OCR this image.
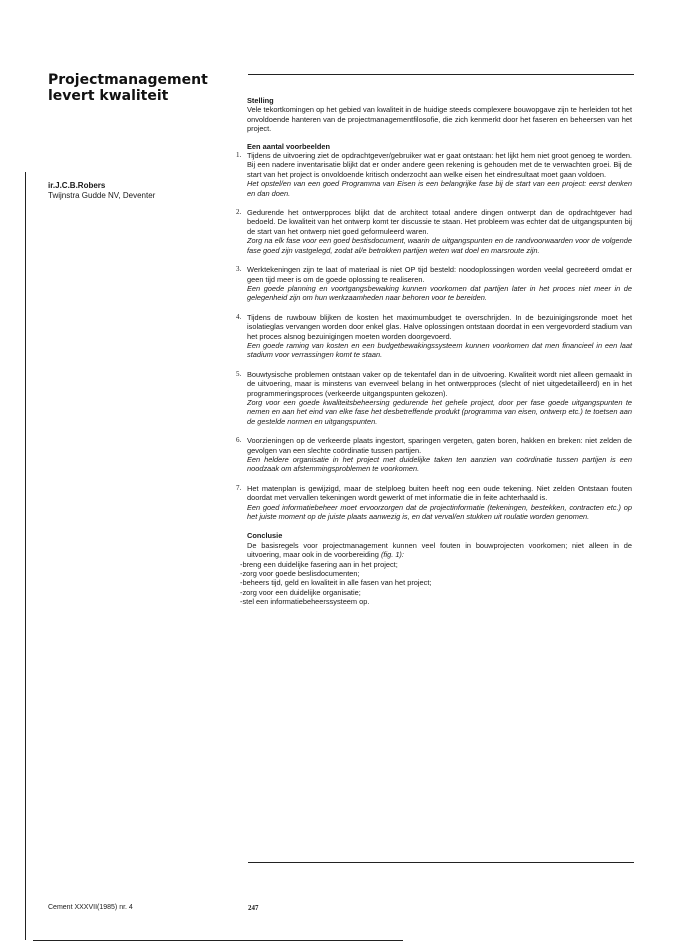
Projectmanagement
levert kwaliteit
ir.J.C.B.Robers
Twijnstra Gudde NV, Deventer

Stelling

Vele tekortkomingen op het gebied van kwaliteit in de huidige steeds complexere bouwopgave zijn te herleiden tot het onvoldoende hanteren van de projectmanagementfilosofie, die zich kenmerkt door het faseren en beheersen van het project.

Een aantal voorbeelden

1. Tijdens de uitvoering ziet de opdrachtgever/gebruiker wat er gaat ontstaan: het lijkt hem niet groot genoeg te worden. Bij een nadere inventarisatie blijkt dat er onder andere geen rekening is gehouden met de te verwachten groei. Bij de start van het project is onvoldoende kritisch onderzocht aan welke eisen het eindresultaat moet gaan voldoen.

Het opstel/en van een goed Programma van Eisen is een belangrijke fase bij de start van een project: eerst denken en dan doen.

2. Gedurende het ontwerpproces blijkt dat de architect totaal andere dingen ontwerpt dan de opdrachtgever had bedoeld. De kwaliteit van het ontwerp komt ter discussie te staan. Het probleem was echter dat de uitgangspunten bij de start van het ontwerp niet goed geformuleerd waren.

Zorg na elk fase voor een goed bestisdocument, waarin de uitgangspunten en de randvoorwaarden voor de volgende fase goed zijn vastgelegd, zodat al/e betrokken partijen weten wat doel en marsroute zijn.

3. Werktekeningen zijn te laat of materiaal is niet OP tijd besteld: noodoplossingen worden veelal gecreëerd omdat er geen tijd meer is om de goede oplossing te realiseren.

Een goede planning en voortgangsbewaking kunnen voorkomen dat partijen later in het proces niet meer in de gelegenheid zijn om hun werkzaamheden naar behoren voor te bereiden.

4. Tijdens de ruwbouw blijken de kosten het maximumbudget te overschrijden. In de bezuinigingsronde moet het isolatieglas vervangen worden door enkel glas. Halve oplossingen ontstaan doordat in een vergevorderd stadium van het proces alsnog bezuinigingen moeten worden doorgevoerd.

Een goede raming van kosten en een budgetbewakingssysteem kunnen voorkomen dat men financieel in een laat stadium voor verrassingen komt te staan.

5. Bouwtysische problemen ontstaan vaker op de tekentafel dan in de uitvoering. Kwaliteit wordt niet alleen gemaakt in de uitvoering, maar is minstens van evenveel belang in het ontwerpproces (slecht of niet uitgedetailleerd) en in het programmeringsproces (verkeerde uitgangspunten gekozen).

Zorg voor een goede kwaliteitsbeheersing gedurende het gehele project, door per fase goede uitgangspunten te nemen en aan het eind van elke fase het desbetreffende produkt (programma van eisen, ontwerp etc.) te toetsen aan de gestelde normen en uitgangspunten.

6. Voorzieningen op de verkeerde plaats ingestort, sparingen vergeten, gaten boren, hakken en breken: niet zelden de gevolgen van een slechte coördinatie tussen partijen.

Een heldere organisatie in het project met duidelijke taken ten aanzien van coördinatie tussen partijen is een noodzaak om afstemmingsproblemen te voorkomen.

7. Het matenplan is gewijzigd, maar de stelploeg buiten heeft nog een oude tekening. Niet zelden Ontstaan fouten doordat met vervallen tekeningen wordt gewerkt of met informatie die in feite achterhaald is.

Een goed informatiebeheer moet ervoorzorgen dat de projectinformatie (tekeningen, bestekken, contracten etc.) op het juiste moment op de juiste plaats aanwezig is, en dat verval/en stukken uit roulatie worden genomen.

Conclusie

De basisregels voor projectmanagement kunnen veel fouten in bouwprojecten voorkomen; niet alleen in de uitvoering, maar ook in de voorbereiding (fig. 1):

-breng een duidelijke fasering aan in het project;
-zorg voor goede beslisdocumenten;
-beheers tijd, geld en kwaliteit in alle fasen van het project;
-zorg voor een duidelijke organisatie;
-stel een informatiebeheerssysteem op.
Cement XXXVII(1985) nr. 4	247
